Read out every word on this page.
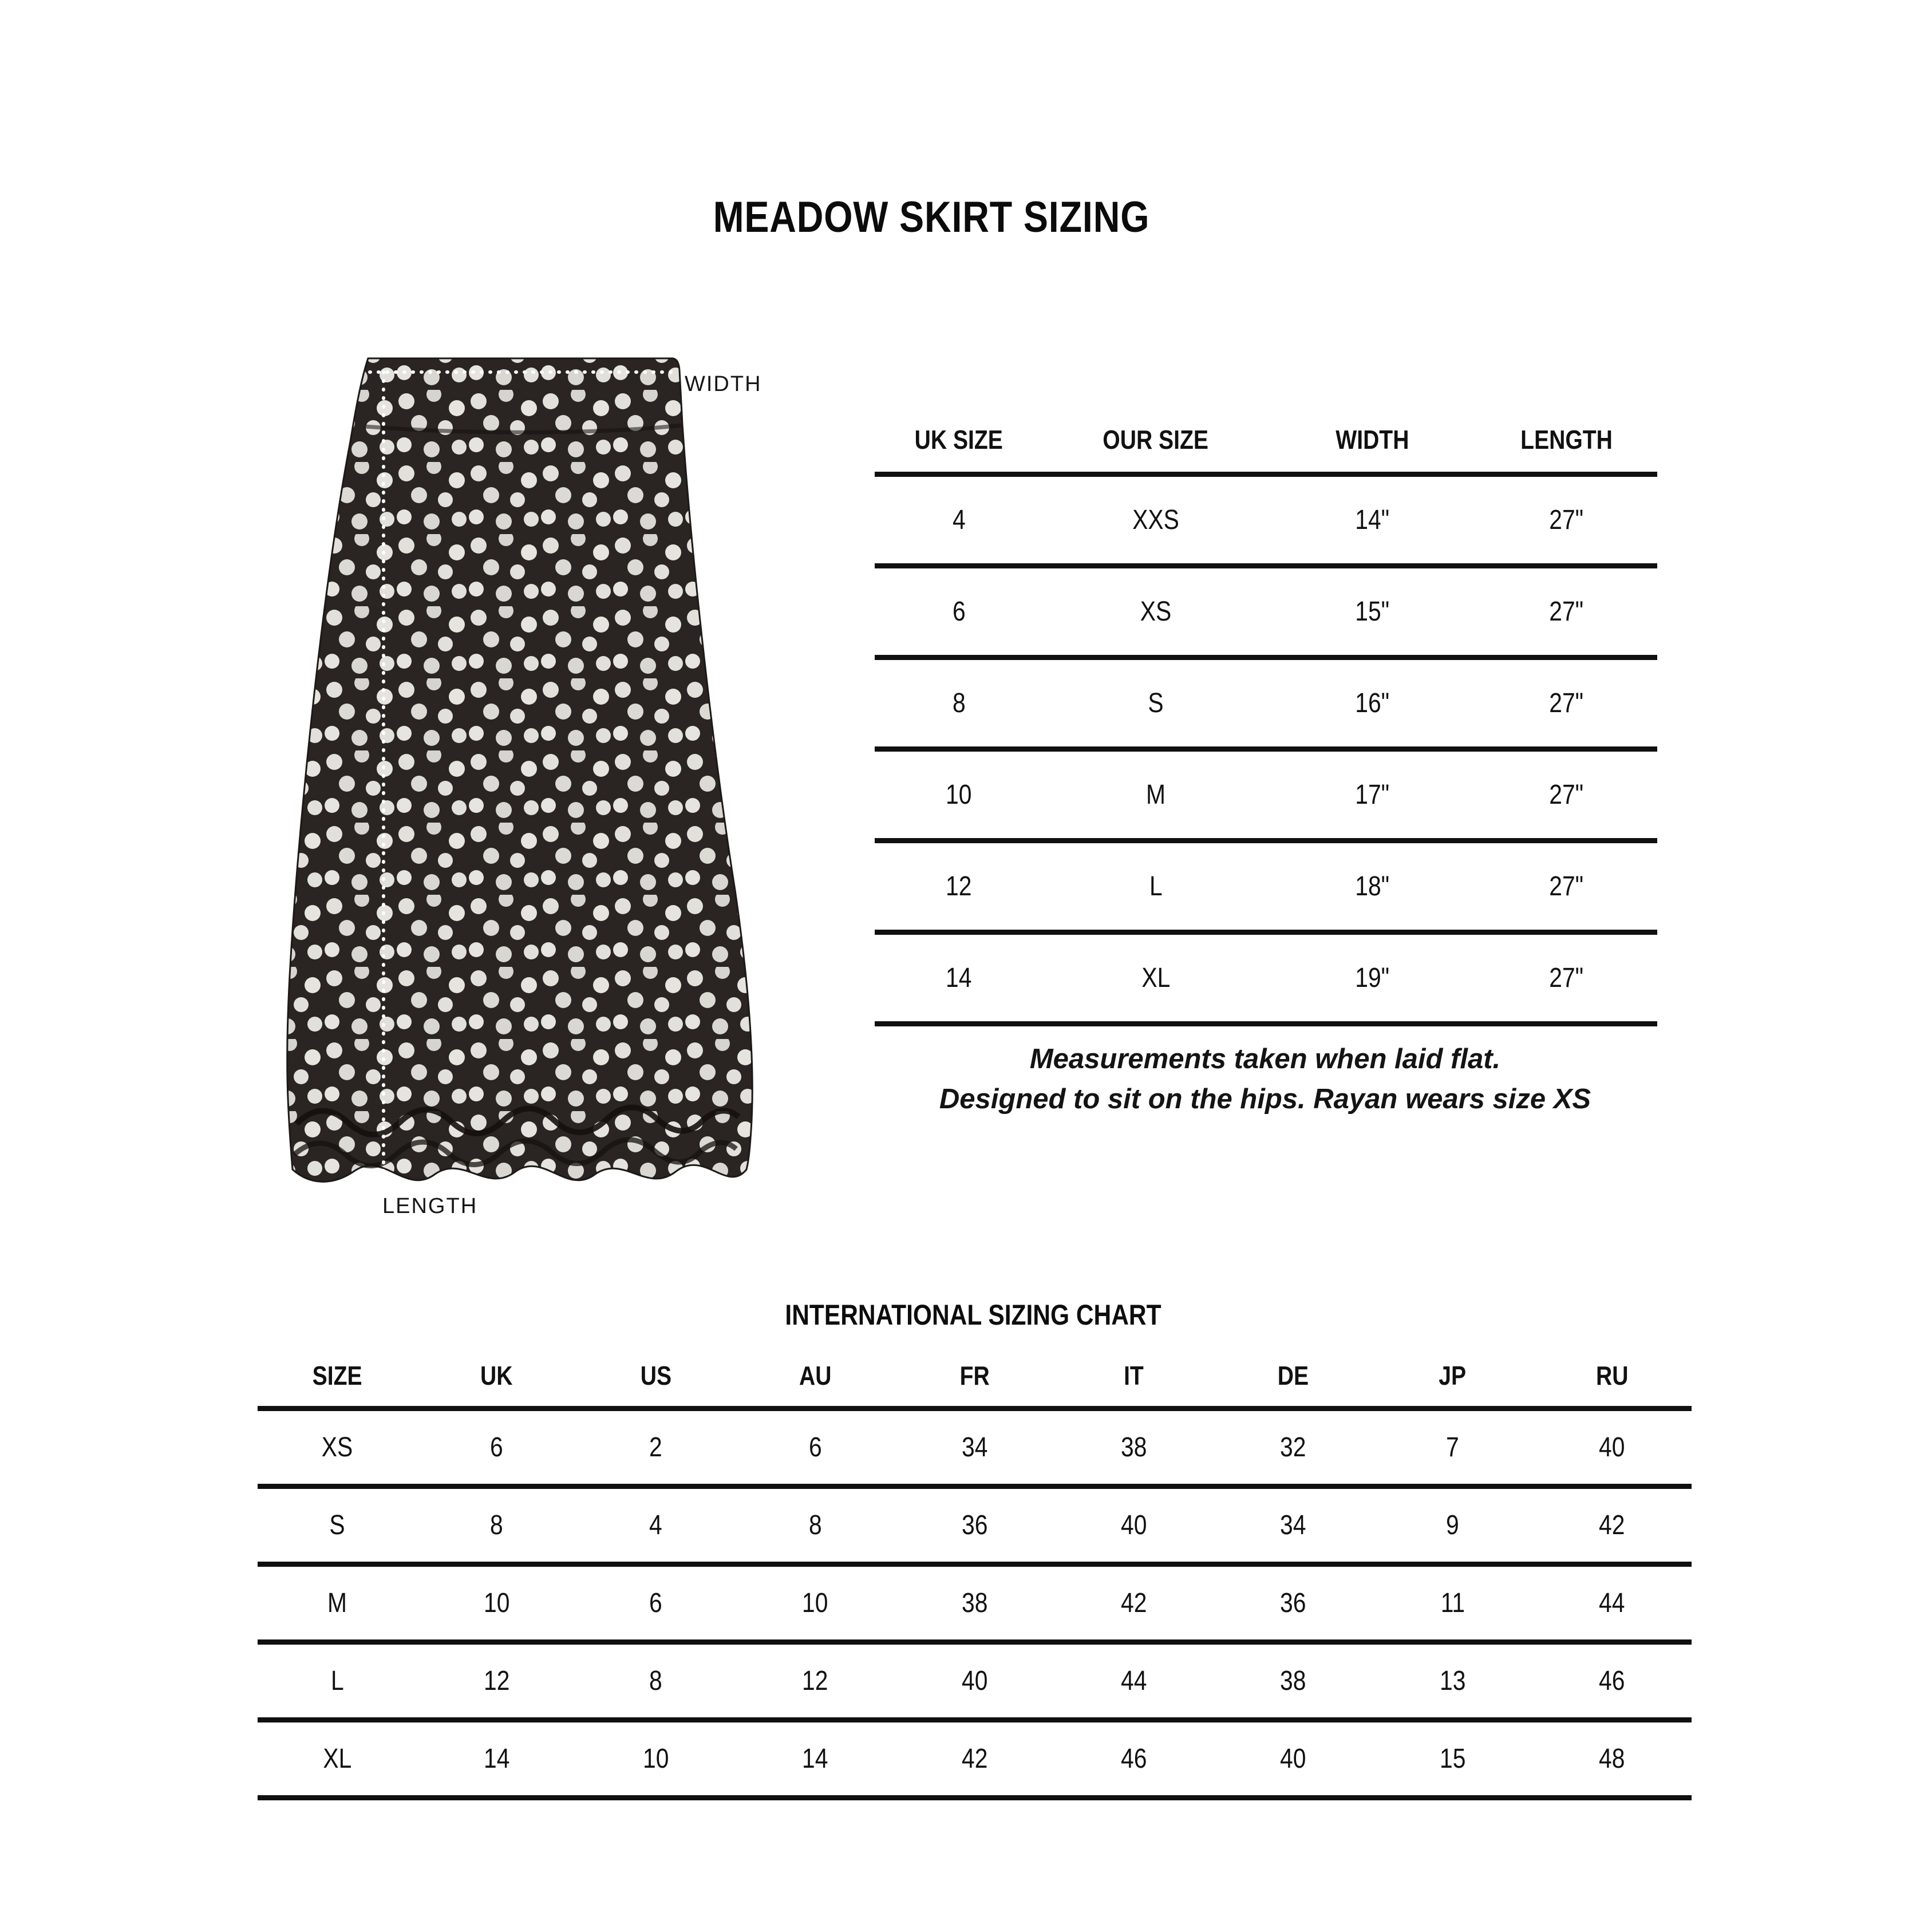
MEADOW SKIRT SIZING
WIDTH
LENGTH
UK SIZE	OUR SIZE	WIDTH	LENGTH
4	XXS	14"	27"
6	XS	15"	27"
8	S	16"	27"
10	M	17"	27"
12	L	18"	27"
14	XL	19"	27"
Measurements taken when laid flat.
Designed to sit on the hips. Rayan wears size XS
INTERNATIONAL SIZING CHART
SIZE	UK	US	AU	FR	IT	DE	JP	RU
XS	6	2	6	34	38	32	7	40
S	8	4	8	36	40	34	9	42
M	10	6	10	38	42	36	11	44
L	12	8	12	40	44	38	13	46
XL	14	10	14	42	46	40	15	48
